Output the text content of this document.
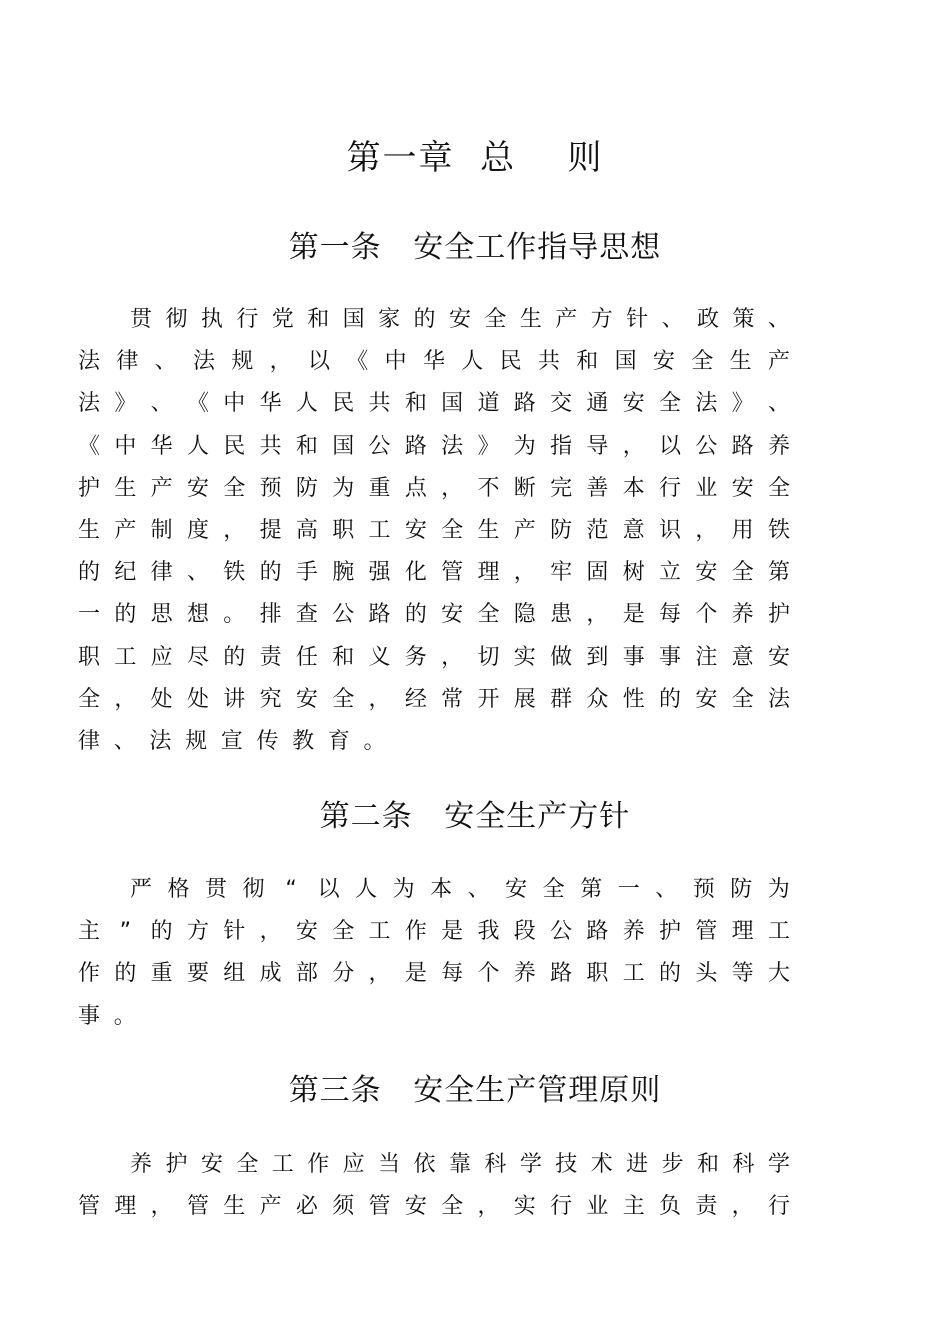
第一章  总    则
第一条   安全工作指导思想
贯 彻 执 行 党 和 国 家 的 安 全 生 产 方 针 、 政 策 、
法 律 、 法 规 ， 以 《 中 华 人 民 共 和 国 安 全 生 产
法 》 、 《 中 华 人 民 共 和 国 道 路 交 通 安 全 法 》 、
《 中 华 人 民 共 和 国 公 路 法 》 为 指 导 ， 以 公 路 养
护 生 产 安 全 预 防 为 重 点 ， 不 断 完 善 本 行 业 安 全
生 产 制 度 ， 提 高 职 工 安 全 生 产 防 范 意 识 ， 用 铁
的 纪 律 、 铁 的 手 腕 强 化 管 理 ， 牢 固 树 立 安 全 第
一 的 思 想 。 排 查 公 路 的 安 全 隐 患 ， 是 每 个 养 护
职 工 应 尽 的 责 任 和 义 务 ， 切 实 做 到 事 事 注 意 安
全 ， 处 处 讲 究 安 全 ， 经 常 开 展 群 众 性 的 安 全 法
律 、 法 规 宣 传 教 育 。
第二条   安全生产方针
严 格 贯 彻 “ 以 人 为 本 、 安 全 第 一 、 预 防 为
主 ” 的 方 针 ， 安 全 工 作 是 我 段 公 路 养 护 管 理 工
作 的 重 要 组 成 部 分 ， 是 每 个 养 路 职 工 的 头 等 大
事 。
第三条   安全生产管理原则
养 护 安 全 工 作 应 当 依 靠 科 学 技 术 进 步 和 科 学
管 理 ， 管 生 产 必 须 管 安 全 ， 实 行 业 主 负 责 ， 行
